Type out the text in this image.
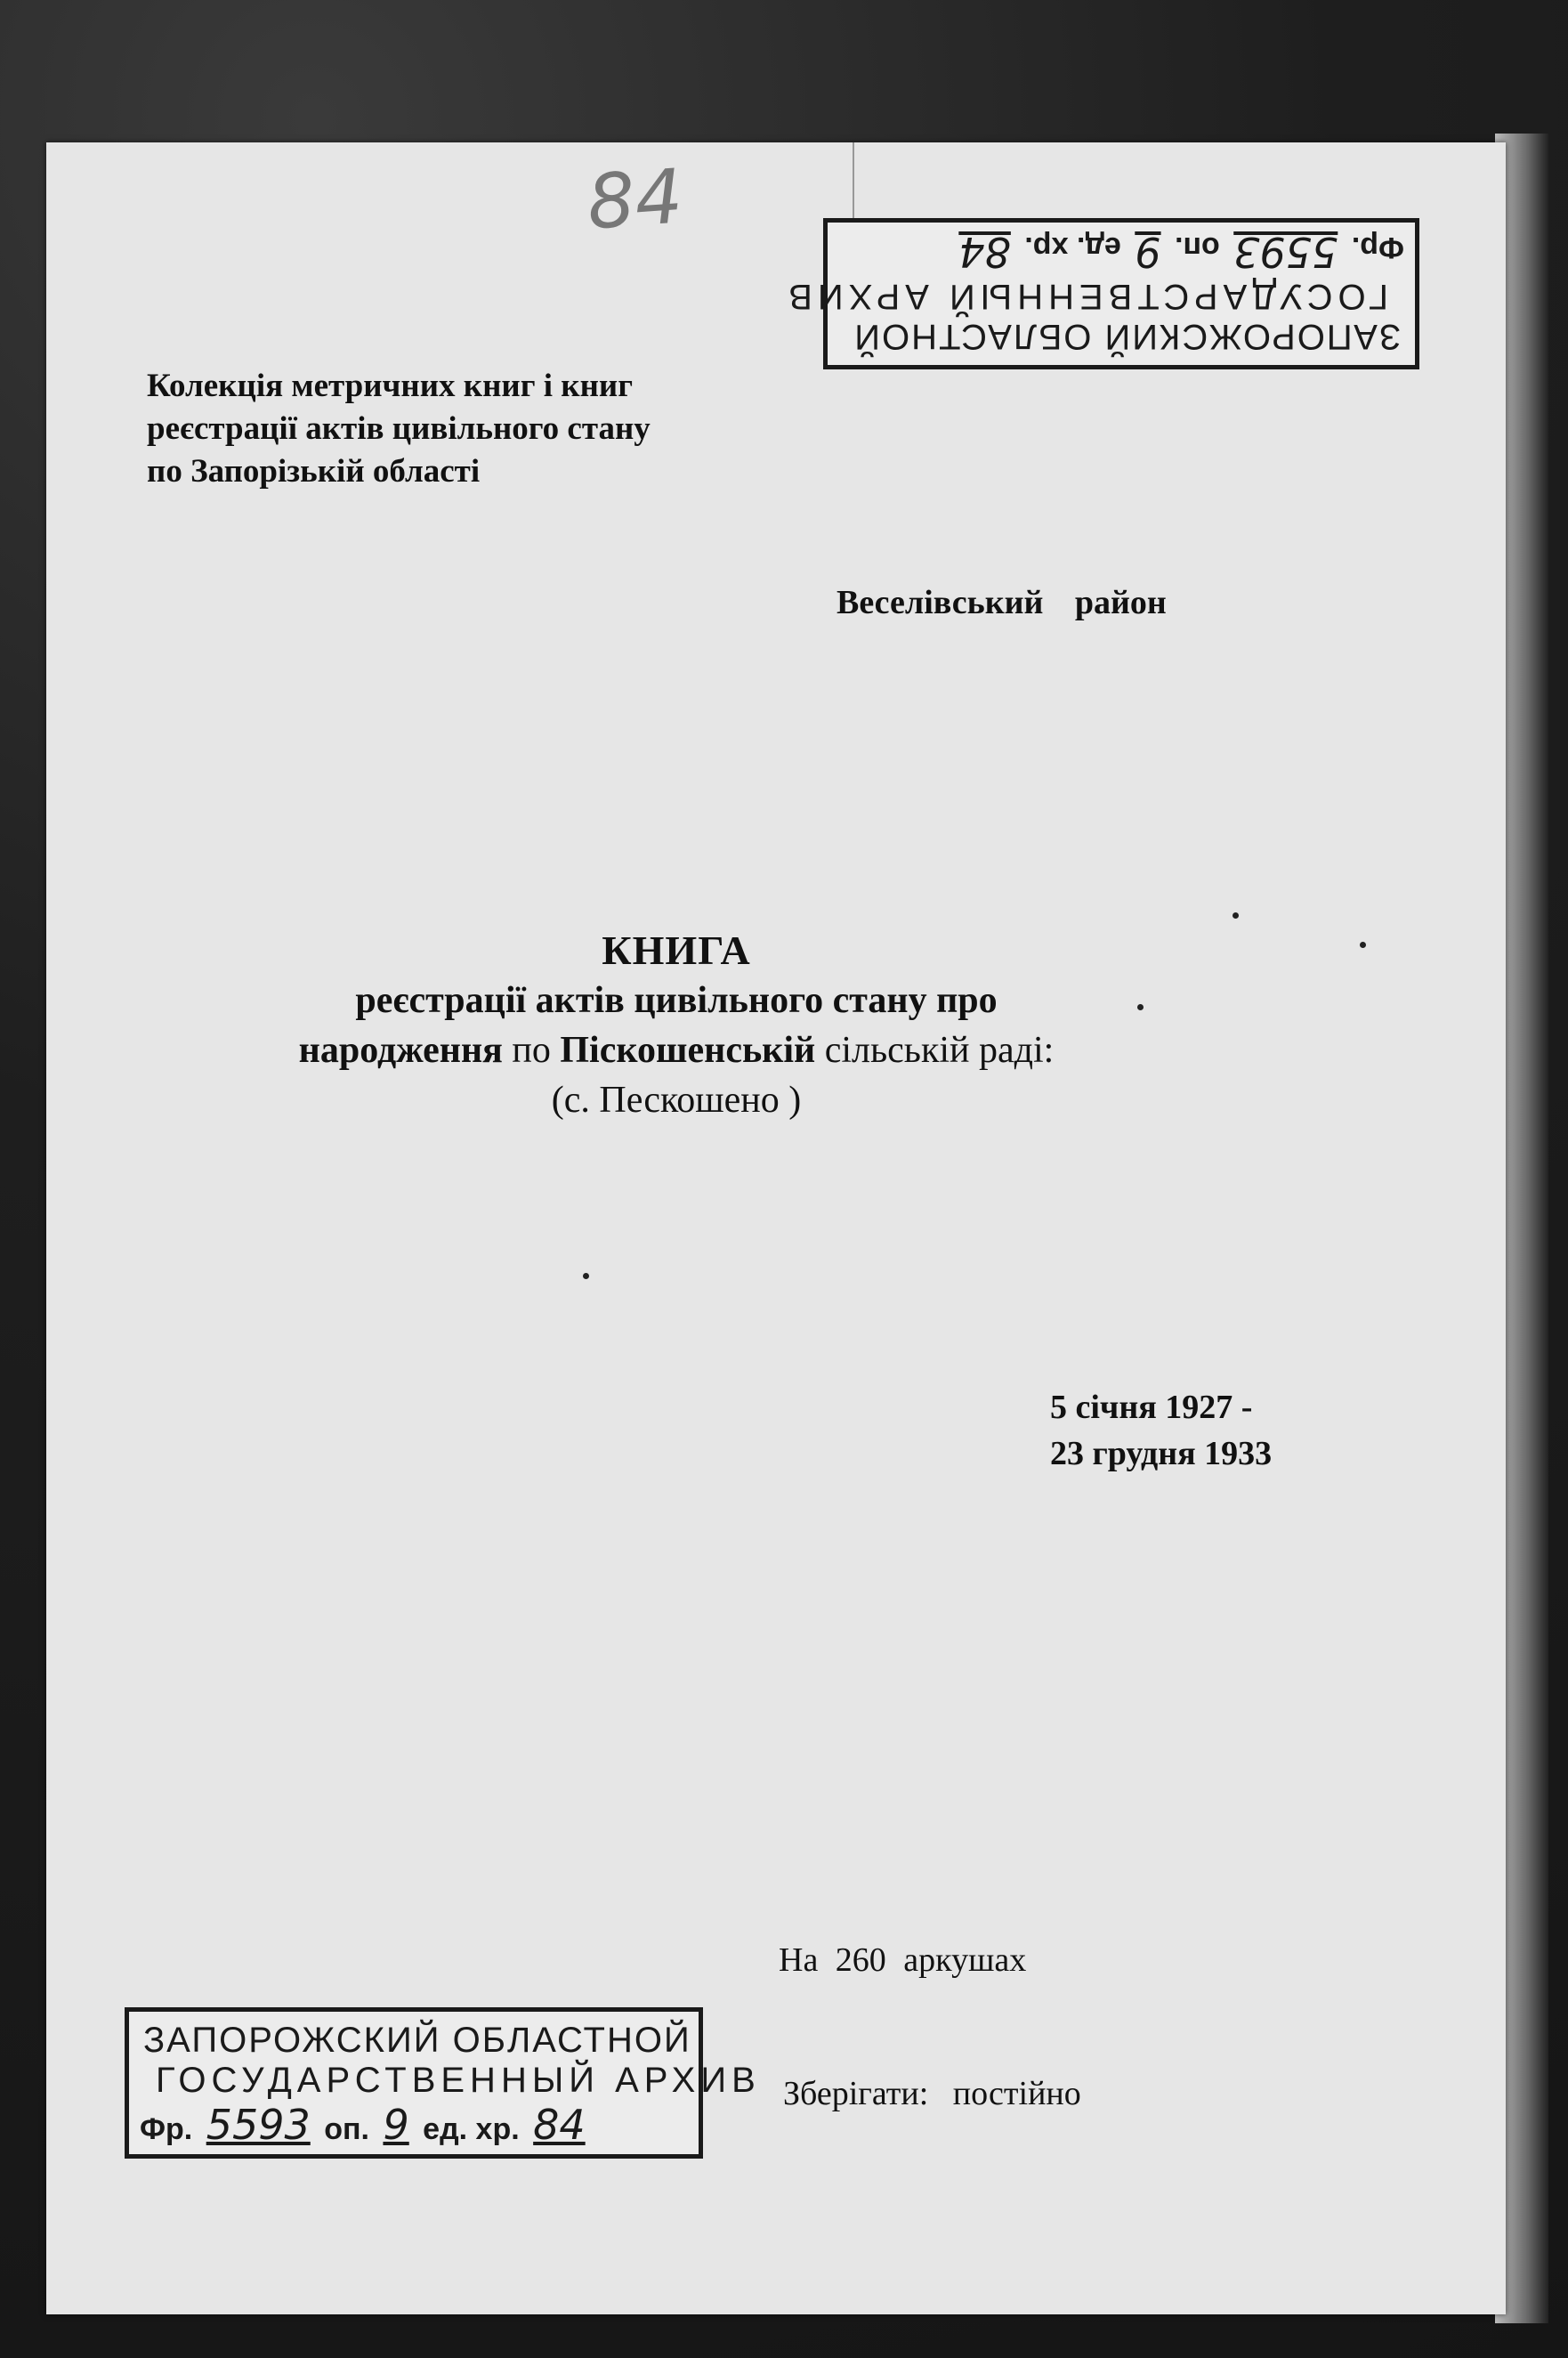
84
ЗАПОРОЖСКИЙ ОБЛАСТНОЙ
ГОСУДАРСТВЕННЫЙ АРХИВ
Фр. 5593 оп. 9 ед. хр. 84
Колекція метричних книг і книг
реєстрації актів цивільного стану
по Запорізькій області
Веселівський район
КНИГА
реєстрації актів цивільного стану про
народження по Піскошенській сільській раді:
(с. Пескошено )
5 січня 1927 -
23 грудня 1933
На 260 аркушах
Зберігати: постійно
ЗАПОРОЖСКИЙ ОБЛАСТНОЙ
ГОСУДАРСТВЕННЫЙ АРХИВ
Фр. 5593 оп. 9 ед. хр. 84
